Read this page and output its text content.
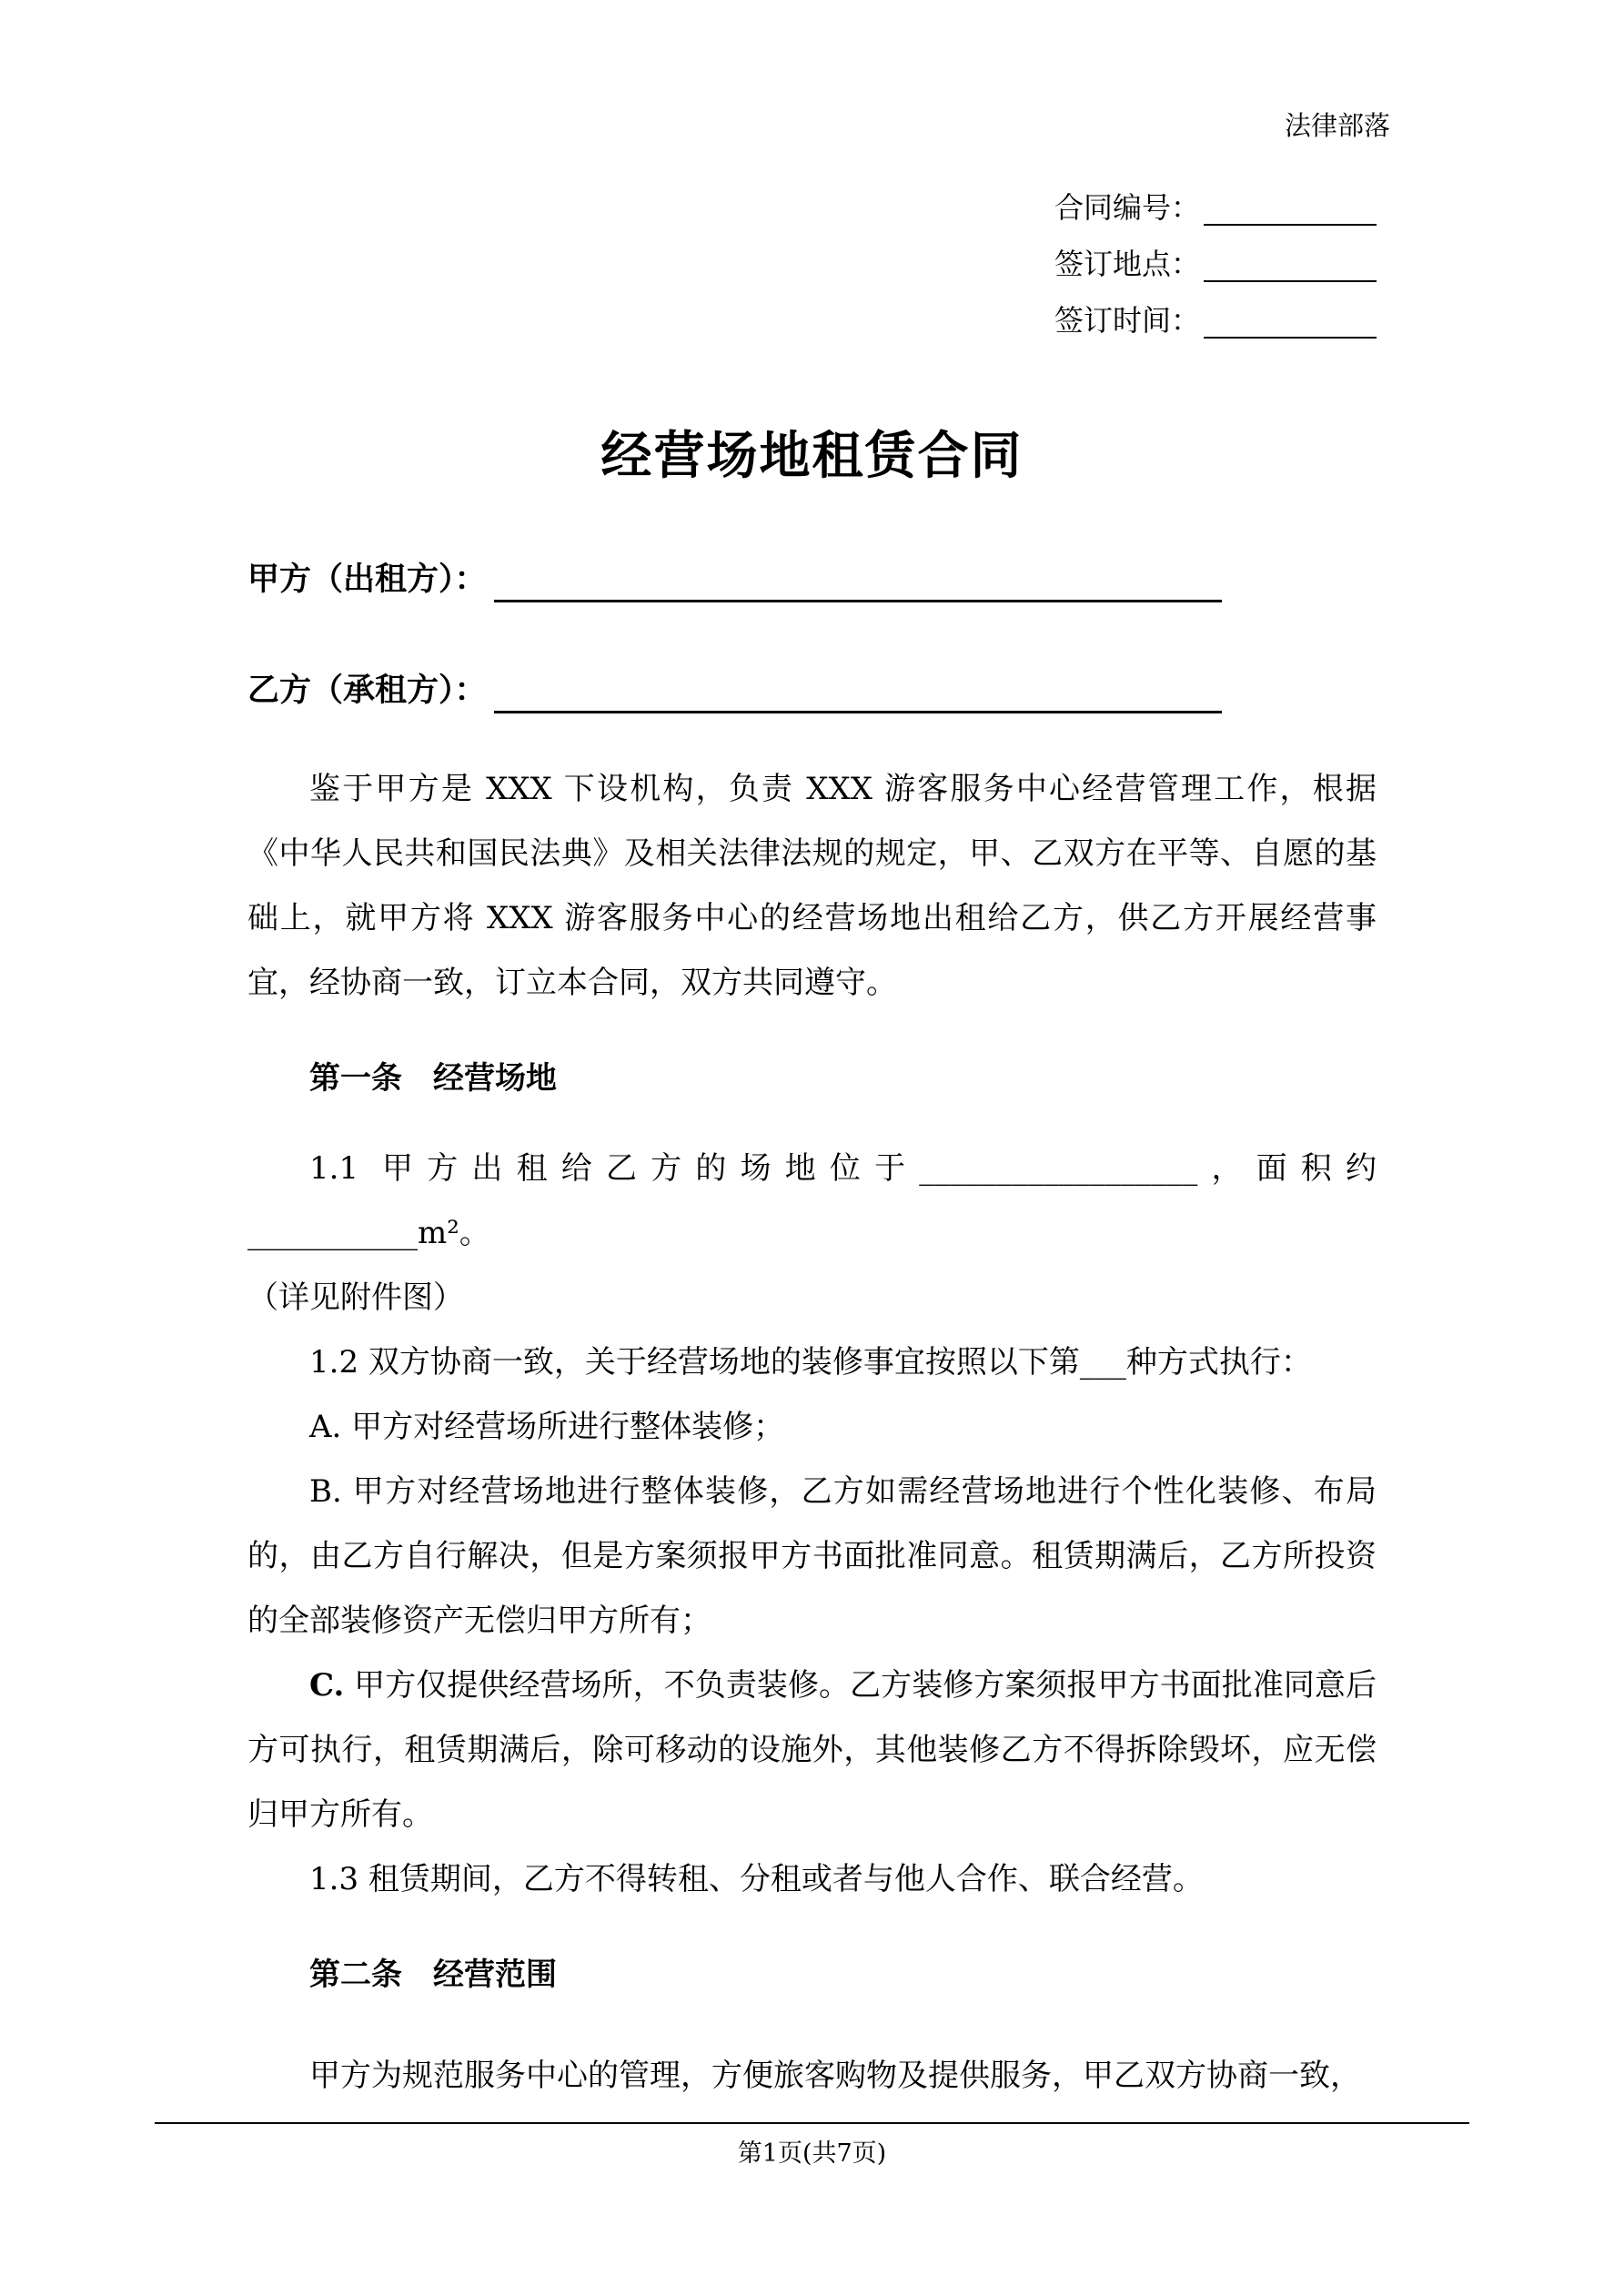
法律部落
合同编号：
签订地点：
签订时间：
经营场地租赁合同
甲方（出租方）：
乙方（承租方）：

鉴于甲方是 XXX 下设机构，负责 XXX 游客服务中心经营管理工作，根据《中华人民共和国民法典》及相关法律法规的规定，甲、乙双方在平等、自愿的基础上，就甲方将 XXX 游客服务中心的经营场地出租给乙方，供乙方开展经营事宜，经协商一致，订立本合同，双方共同遵守。

第一条　经营场地

1.1 甲方出租给乙方的场地位于__________________，面积约___________m²。

（详见附件图）

1.2 双方协商一致，关于经营场地的装修事宜按照以下第___种方式执行：

A. 甲方对经营场所进行整体装修；

B. 甲方对经营场地进行整体装修，乙方如需经营场地进行个性化装修、布局的，由乙方自行解决，但是方案须报甲方书面批准同意。租赁期满后，乙方所投资的全部装修资产无偿归甲方所有；

C. 甲方仅提供经营场所，不负责装修。乙方装修方案须报甲方书面批准同意后方可执行，租赁期满后，除可移动的设施外，其他装修乙方不得拆除毁坏，应无偿归甲方所有。

1.3 租赁期间，乙方不得转租、分租或者与他人合作、联合经营。

第二条　经营范围

甲方为规范服务中心的管理，方便旅客购物及提供服务，甲乙双方协商一致，

第1页(共7页)
